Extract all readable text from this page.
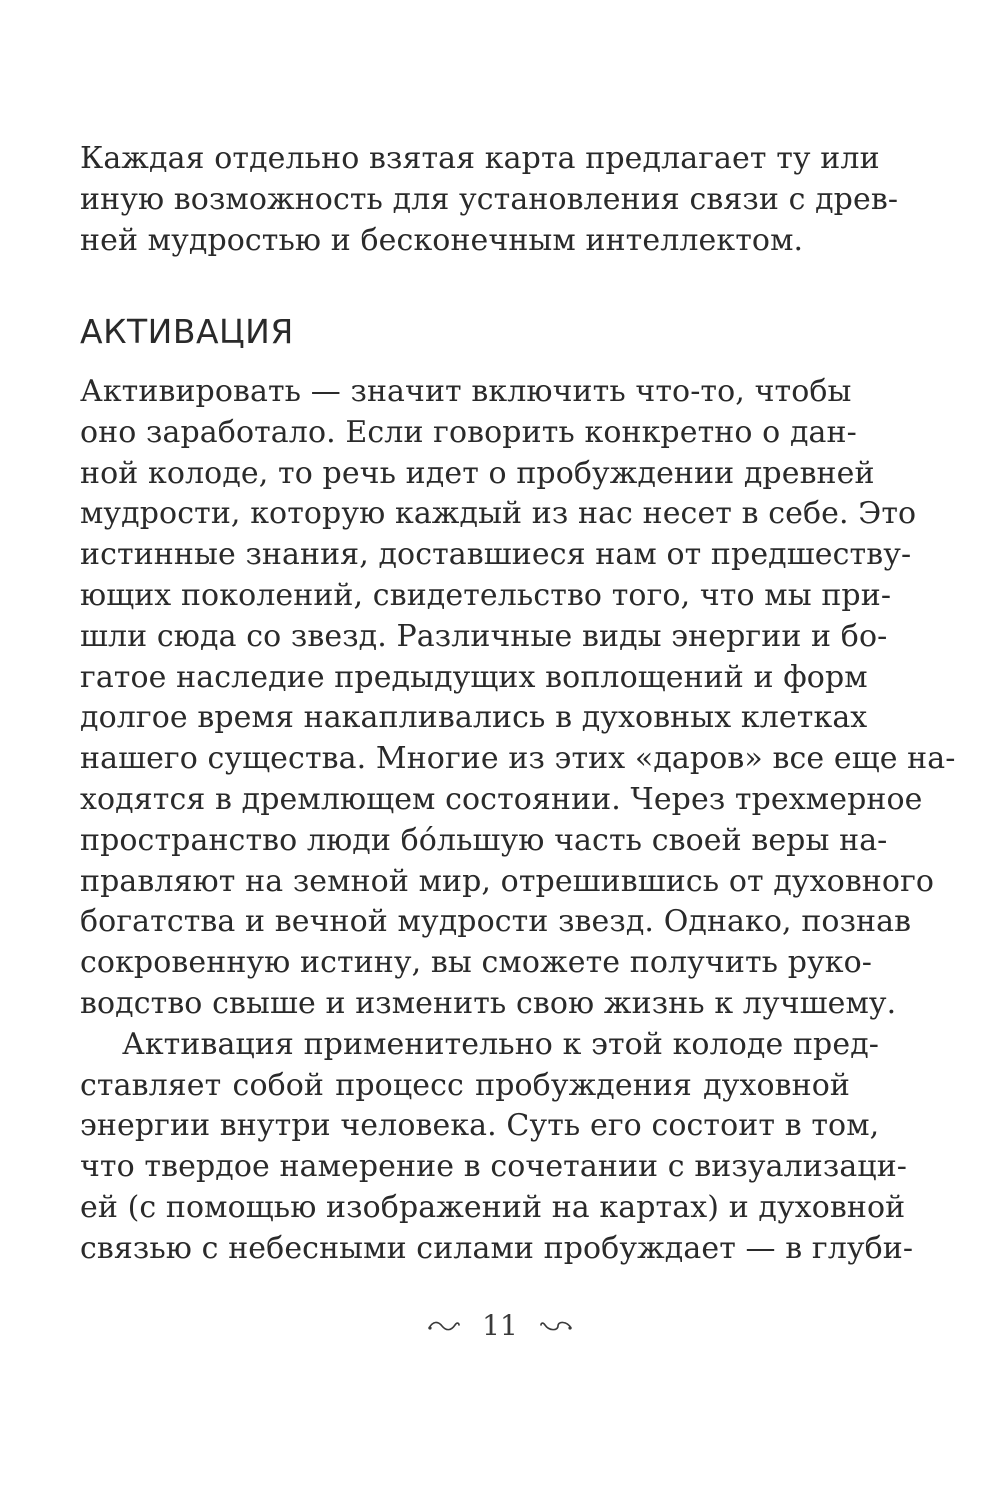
Каждая отдельно взятая карта предлагает ту или
иную возможность для установления связи с древ-
ней мудростью и бесконечным интеллектом.
АКТИВАЦИЯ
Активировать — значит включить что-то, чтобы
оно заработало. Если говорить конкретно о дан-
ной колоде, то речь идет о пробуждении древней
мудрости, которую каждый из нас несет в себе. Это
истинные знания, доставшиеся нам от предшеству-
ющих поколений, свидетельство того, что мы при-
шли сюда со звезд. Различные виды энергии и бо-
гатое наследие предыдущих воплощений и форм
долгое время накапливались в духовных клетках
нашего существа. Многие из этих «даров» все еще на-
ходятся в дремлющем состоянии. Через трехмерное
пространство люди бо́льшую часть своей веры на-
правляют на земной мир, отрешившись от духовного
богатства и вечной мудрости звезд. Однако, познав
сокровенную истину, вы сможете получить руко-
водство свыше и изменить свою жизнь к лучшему.
Активация применительно к этой колоде пред-
ставляет собой процесс пробуждения духовной
энергии внутри человека. Суть его состоит в том,
что твердое намерение в сочетании с визуализаци-
ей (с помощью изображений на картах) и духовной
связью с небесными силами пробуждает — в глуби-
11
